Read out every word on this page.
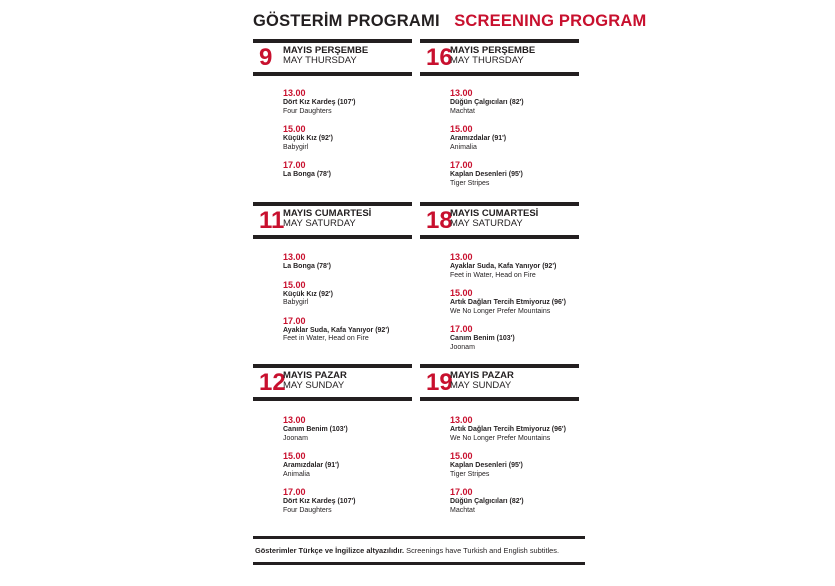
GÖSTERİM PROGRAMI SCREENING PROGRAM
9 MAYIS PERŞEMBE
MAY THURSDAY
13.00
Dört Kız Kardeş (107')
Four Daughters
15.00
Küçük Kız (92')
Babygirl
17.00
La Bonga (78')
16
MAYIS PERŞEMBE
MAY THURSDAY
13.00
Düğün Çalgıcıları (82')
Machtat
15.00
Aramızdalar (91')
Animalia
17.00
Kaplan Desenleri (95')
Tiger Stripes
11
MAYIS CUMARTESİ
MAY SATURDAY
13.00
La Bonga (78')
15.00
Küçük Kız (92')
Babygirl
17.00
Ayaklar Suda, Kafa Yanıyor (92')
Feet in Water, Head on Fire
18
MAYIS CUMARTESİ
MAY SATURDAY
13.00
Ayaklar Suda, Kafa Yanıyor (92')
Feet in Water, Head on Fire
15.00
Artık Dağları Tercih Etmiyoruz (96')
We No Longer Prefer Mountains
17.00
Canım Benim (103')
Joonam
12
MAYIS PAZAR
MAY SUNDAY
13.00
Canım Benim (103')
Joonam
15.00
Aramızdalar (91')
Animalia
17.00
Dört Kız Kardeş (107')
Four Daughters
19
MAYIS PAZAR
MAY SUNDAY
13.00
Artık Dağları Tercih Etmiyoruz (96')
We No Longer Prefer Mountains
15.00
Kaplan Desenleri (95')
Tiger Stripes
17.00
Düğün Çalgıcıları (82')
Machtat
Gösterimler Türkçe ve İngilizce altyazılıdır. Screenings have Turkish and English subtitles.
